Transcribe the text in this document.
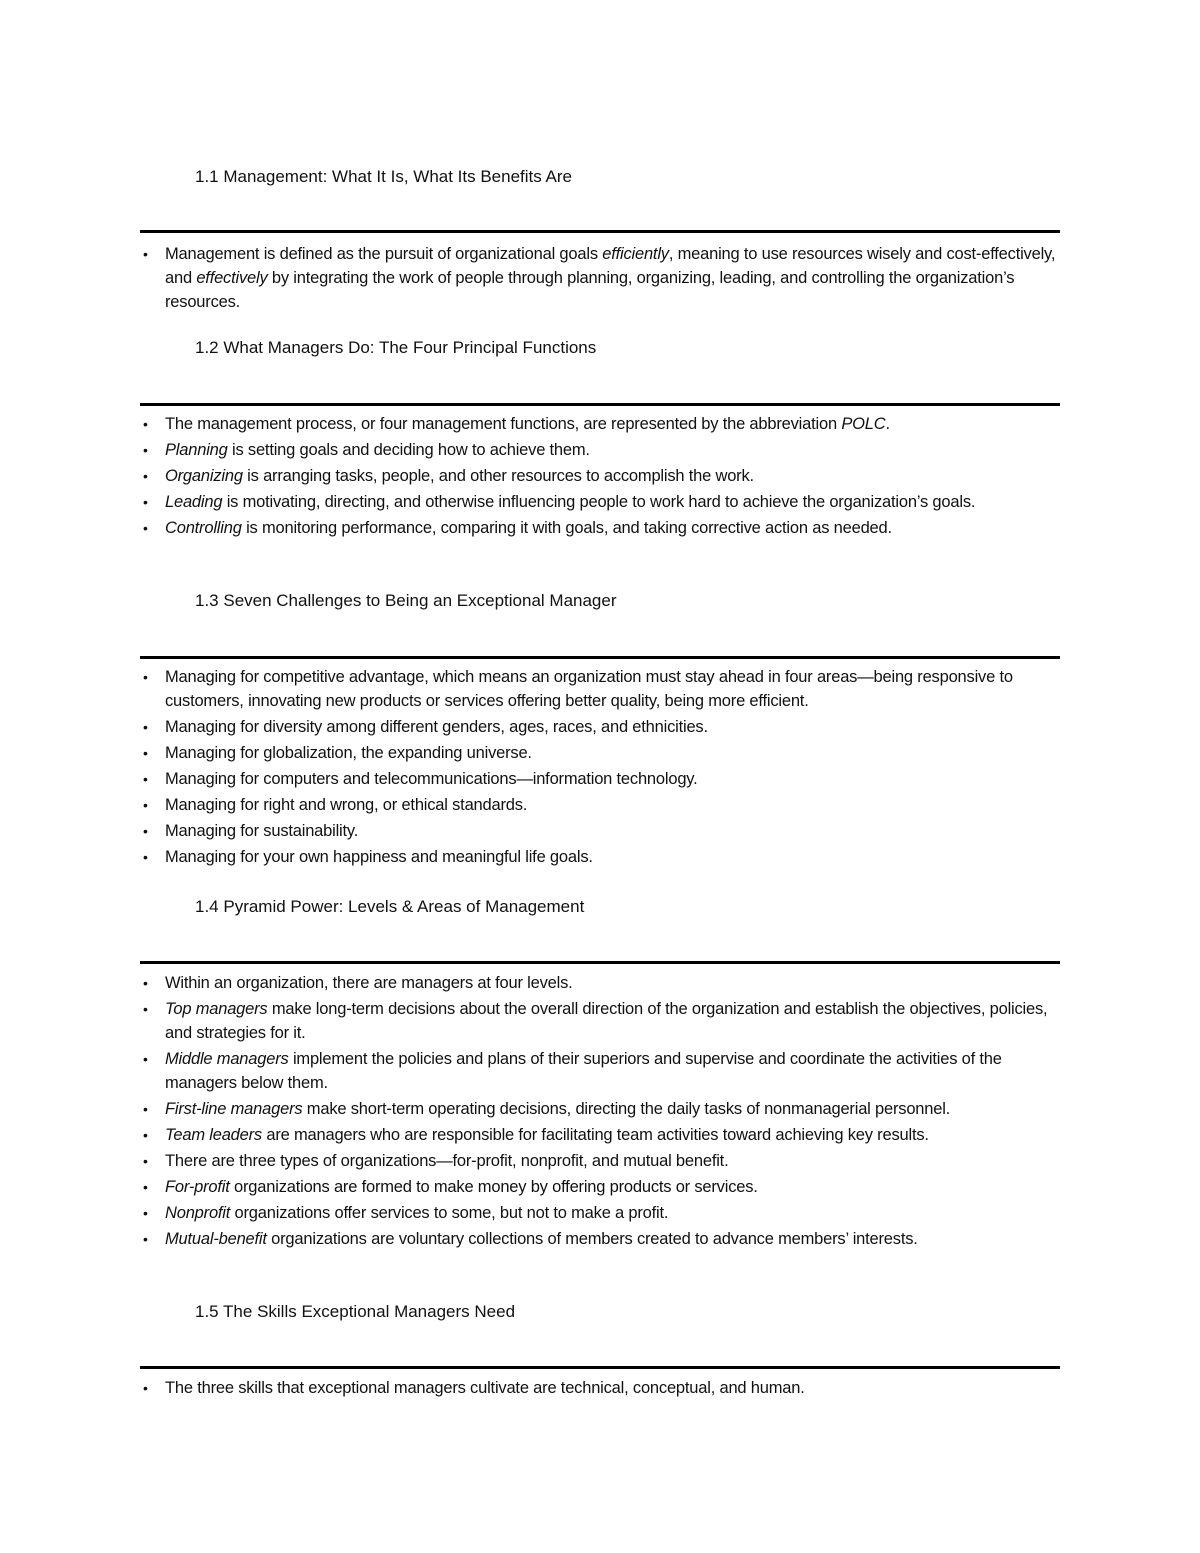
1.1 Management: What It Is, What Its Benefits Are
• Management is defined as the pursuit of organizational goals efficiently, meaning to use resources wisely and cost-effectively, and effectively by integrating the work of people through planning, organizing, leading, and controlling the organization’s resources.
1.2 What Managers Do: The Four Principal Functions
• The management process, or four management functions, are represented by the abbreviation POLC.
• Planning is setting goals and deciding how to achieve them.
• Organizing is arranging tasks, people, and other resources to accomplish the work.
• Leading is motivating, directing, and otherwise influencing people to work hard to achieve the organization’s goals.
• Controlling is monitoring performance, comparing it with goals, and taking corrective action as needed.
1.3 Seven Challenges to Being an Exceptional Manager
• Managing for competitive advantage, which means an organization must stay ahead in four areas—being responsive to customers, innovating new products or services offering better quality, being more efficient.
• Managing for diversity among different genders, ages, races, and ethnicities.
• Managing for globalization, the expanding universe.
• Managing for computers and telecommunications—information technology.
• Managing for right and wrong, or ethical standards.
• Managing for sustainability.
• Managing for your own happiness and meaningful life goals.
1.4 Pyramid Power: Levels & Areas of Management
• Within an organization, there are managers at four levels.
• Top managers make long-term decisions about the overall direction of the organization and establish the objectives, policies, and strategies for it.
• Middle managers implement the policies and plans of their superiors and supervise and coordinate the activities of the managers below them.
• First-line managers make short-term operating decisions, directing the daily tasks of nonmanagerial personnel.
• Team leaders are managers who are responsible for facilitating team activities toward achieving key results.
• There are three types of organizations—for-profit, nonprofit, and mutual benefit.
• For-profit organizations are formed to make money by offering products or services.
• Nonprofit organizations offer services to some, but not to make a profit.
• Mutual-benefit organizations are voluntary collections of members created to advance members’ interests.
1.5 The Skills Exceptional Managers Need
• The three skills that exceptional managers cultivate are technical, conceptual, and human.
